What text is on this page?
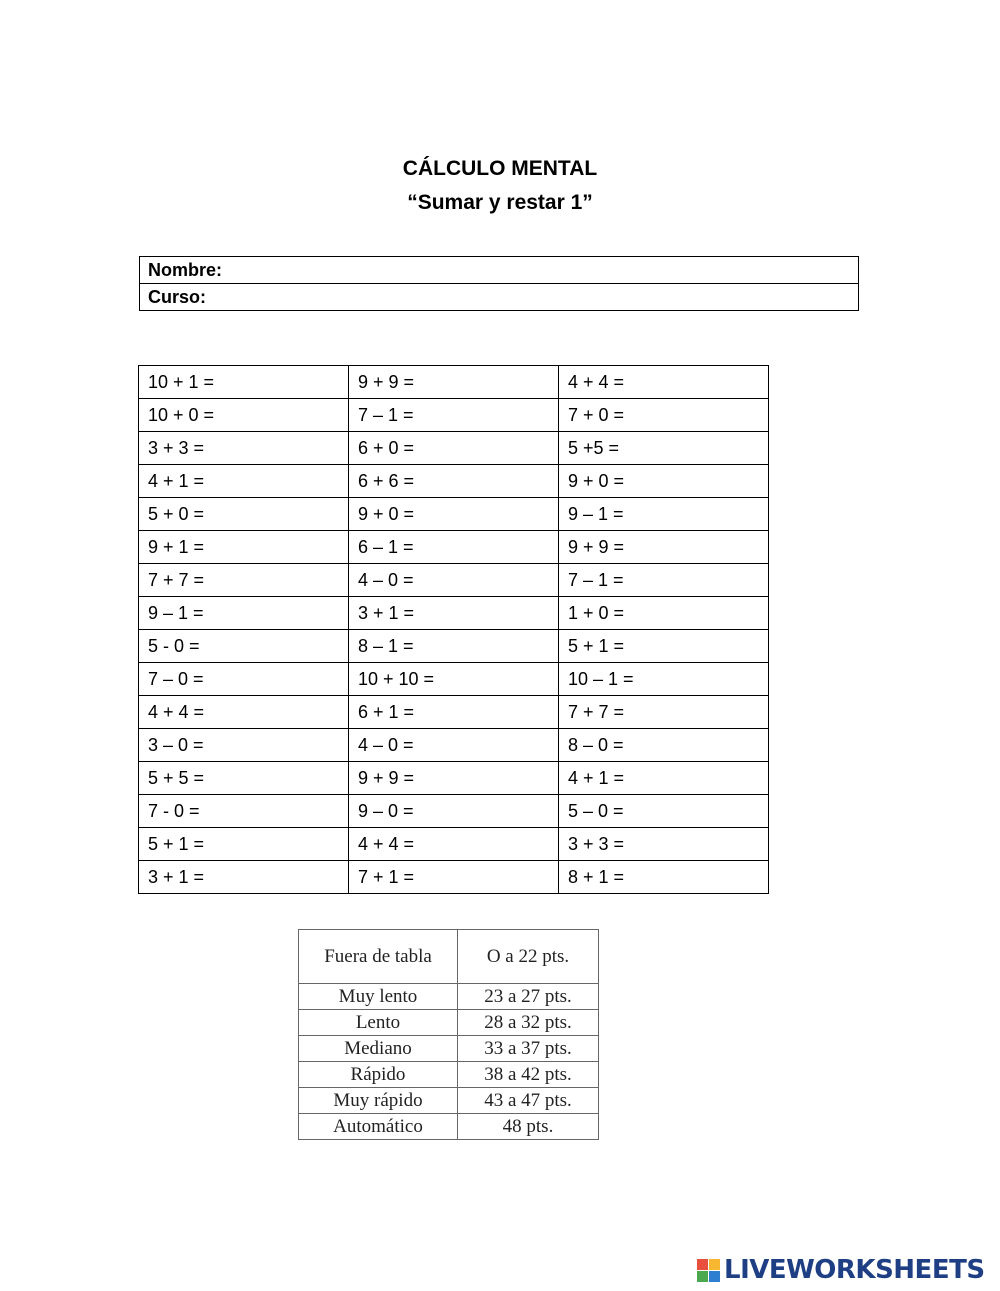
CÁLCULO MENTAL
“Sumar y restar 1”
Nombre:
Curso:
10 + 1 =	9 + 9 =	4 + 4 =
10 + 0 =	7 – 1 =	7 + 0 =
3 + 3 =	6 + 0 =	5 +5 =
4 + 1 =	6 + 6 =	9 + 0 =
5 + 0 =	9 + 0 =	9 – 1 =
9 + 1 =	6 – 1 =	9 + 9 =
7 + 7 =	4 – 0 =	7 – 1 =
9 – 1 =	3 + 1 =	1 + 0 =
5 - 0 =	8 – 1 =	5 + 1 =
7 – 0 =	10 + 10 =	10 – 1 =
4 + 4 =	6 + 1 =	7 + 7 =
3 – 0 =	4 – 0 =	8 – 0 =
5 + 5 =	9 + 9 =	4 + 1 =
7 - 0 =	9 – 0 =	5 – 0 =
5 + 1 =	4 + 4 =	3 + 3 =
3 + 1 =	7 + 1 =	8 + 1 =
Fuera de tabla	O a 22 pts.
Muy lento	23 a 27 pts.
Lento	28 a 32 pts.
Mediano	33 a 37 pts.
Rápido	38 a 42 pts.
Muy rápido	43 a 47 pts.
Automático	48 pts.
LIVEWORKSHEETS
